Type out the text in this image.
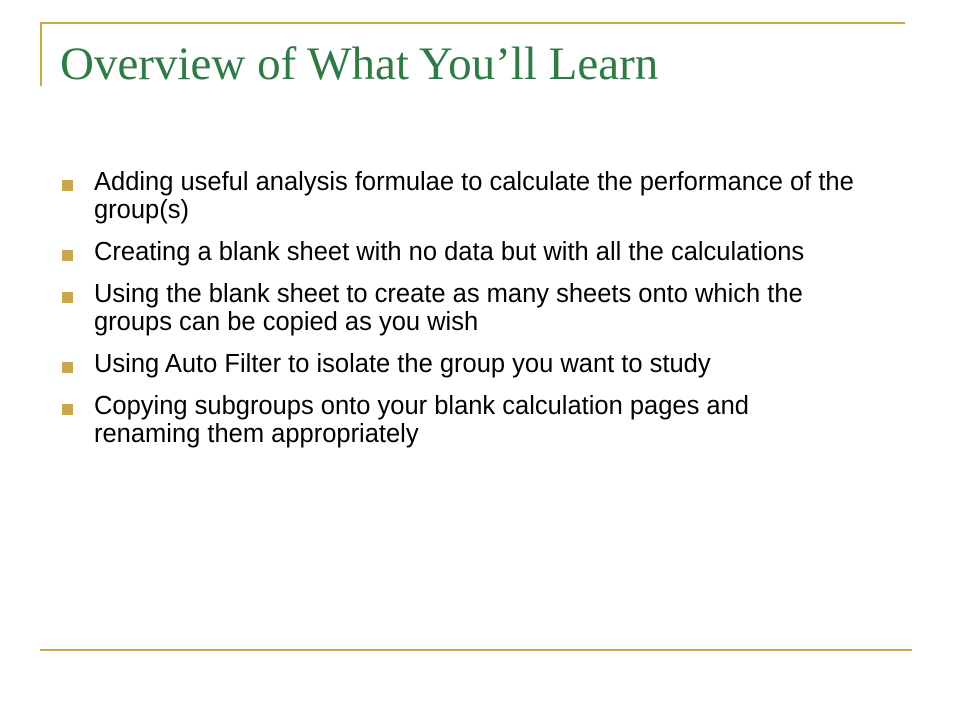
Overview of What You’ll Learn
Adding useful analysis formulae to calculate the performance of the group(s)
Creating a blank sheet with no data but with all the calculations
Using the blank sheet to create as many sheets onto which the groups can be copied as you wish
Using Auto Filter to isolate the group you want to study
Copying subgroups onto your blank calculation pages and renaming them appropriately
